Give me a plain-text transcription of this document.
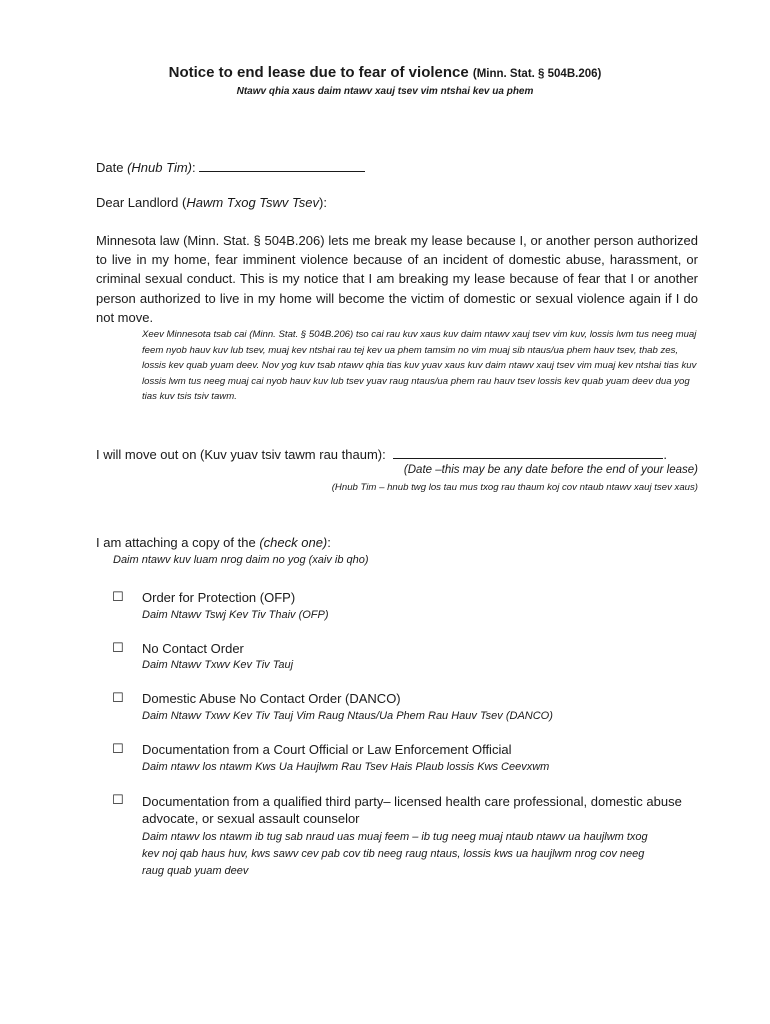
Notice to end lease due to fear of violence (Minn. Stat. § 504B.206)
Ntawv qhia xaus daim ntawv xauj tsev vim ntshai kev ua phem
Date (Hnub Tim):
Dear Landlord (Hawm Txog Tswv Tsev):
Minnesota law (Minn. Stat. § 504B.206) lets me break my lease because I, or another person authorized to live in my home, fear imminent violence because of an incident of domestic abuse, harassment, or criminal sexual conduct. This is my notice that I am breaking my lease because of fear that I or another person authorized to live in my home will become the victim of domestic or sexual violence again if I do not move.
Xeev Minnesota tsab cai (Minn. Stat. § 504B.206) tso cai rau kuv xaus kuv daim ntawv xauj tsev vim kuv, lossis lwm tus neeg muaj feem nyob hauv kuv lub tsev, muaj kev ntshai rau tej kev ua phem tamsim no vim muaj sib ntaus/ua phem hauv tsev, thab zes, lossis kev quab yuam deev. Nov yog kuv tsab ntawv qhia tias kuv yuav xaus kuv daim ntawv xauj tsev vim muaj kev ntshai tias kuv lossis lwm tus neeg muaj cai nyob hauv kuv lub tsev yuav raug ntaus/ua phem rau hauv tsev lossis kev quab yuam deev dua yog tias kuv tsis tsiv tawm.
I will move out on (Kuv yuav tsiv tawm rau thaum):	.
(Date –this may be any date before the end of your lease)
(Hnub Tim – hnub twg los tau mus txog rau thaum koj cov ntaub ntawv xauj tsev xaus)
I am attaching a copy of the (check one):
Daim ntawv kuv luam nrog daim no yog (xaiv ib qho)
☐ Order for Protection (OFP)
Daim Ntawv Tswj Kev Tiv Thaiv (OFP)
☐ No Contact Order
Daim Ntawv Txwv Kev Tiv Tauj
☐ Domestic Abuse No Contact Order (DANCO)
Daim Ntawv Txwv Kev Tiv Tauj Vim Raug Ntaus/Ua Phem Rau Hauv Tsev (DANCO)
☐ Documentation from a Court Official or Law Enforcement Official
Daim ntawv los ntawm Kws Ua Haujlwm Rau Tsev Hais Plaub lossis Kws Ceevxwm
☐ Documentation from a qualified third party– licensed health care professional, domestic abuse advocate, or sexual assault counselor
Daim ntawv los ntawm ib tug sab nraud uas muaj feem – ib tug neeg muaj ntaub ntawv ua haujlwm txog kev noj qab haus huv, kws sawv cev pab cov tib neeg raug ntaus, lossis kws ua haujlwm nrog cov neeg raug quab yuam deev
